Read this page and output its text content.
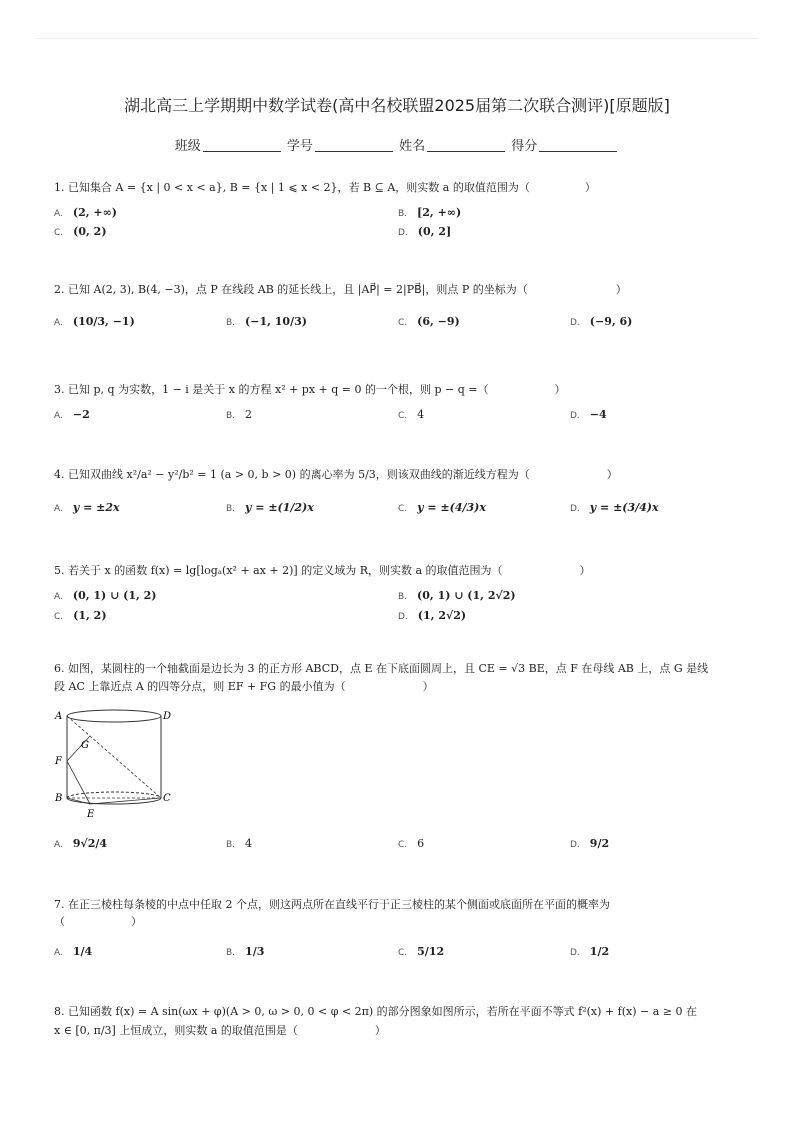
湖北高三上学期期中数学试卷(高中名校联盟2025届第二次联合测评)[原题版]
班级	学号	姓名	得分
1. 已知集合 A = {x | 0 < x < a}, B = {x | 1 ⩽ x < 2}，若 B ⊆ A，则实数 a 的取值范围为（　　　　　）
A. (2, +∞)	B. [2, +∞)
C. (0, 2)	D. (0, 2]
2. 已知 A(2, 3), B(4, −3)，点 P 在线段 AB 的延长线上，且 |AP⃗| = 2|PB⃗|，则点 P 的坐标为（　　　　　　　　）
A. (10/3, −1)	B. (−1, 10/3)	C. (6, −9)	D. (−9, 6)
3. 已知 p, q 为实数，1 − i 是关于 x 的方程 x² + px + q = 0 的一个根，则 p − q =（　　　　　　）
A. −2	B. 2	C. 4	D. −4
4. 已知双曲线 x²/a² − y²/b² = 1 (a > 0, b > 0) 的离心率为 5/3，则该双曲线的渐近线方程为（　　　　　　　）
A. y = ±2x	B. y = ±(1/2)x	C. y = ±(4/3)x	D. y = ±(3/4)x
5. 若关于 x 的函数 f(x) = lg[logₐ(x² + ax + 2)] 的定义域为 R，则实数 a 的取值范围为（　　　　　　　）
A. (0, 1) ∪ (1, 2)	B. (0, 1) ∪ (1, 2√2)
C. (1, 2)	D. (1, 2√2)
6. 如图，某圆柱的一个轴截面是边长为 3 的正方形 ABCD，点 E 在下底面圆周上，且 CE = √3 BE，点 F 在母线 AB 上，点 G 是线
段 AC 上靠近点 A 的四等分点，则 EF + FG 的最小值为（　　　　　　　）
A	D
G
F
B	C
E
A. 9√2/4	B. 4	C. 6	D. 9/2
7. 在正三棱柱每条棱的中点中任取 2 个点，则这两点所在直线平行于正三棱柱的某个侧面或底面所在平面的概率为
（　　　　　　）
A. 1/4	B. 1/3	C. 5/12	D. 1/2
8. 已知函数 f(x) = A sin(ωx + φ)(A > 0, ω > 0, 0 < φ < 2π) 的部分图象如图所示，若所在平面不等式 f²(x) + f(x) − a ≥ 0 在
x ∈ [0, π/3] 上恒成立，则实数 a 的取值范围是（　　　　　　　）
